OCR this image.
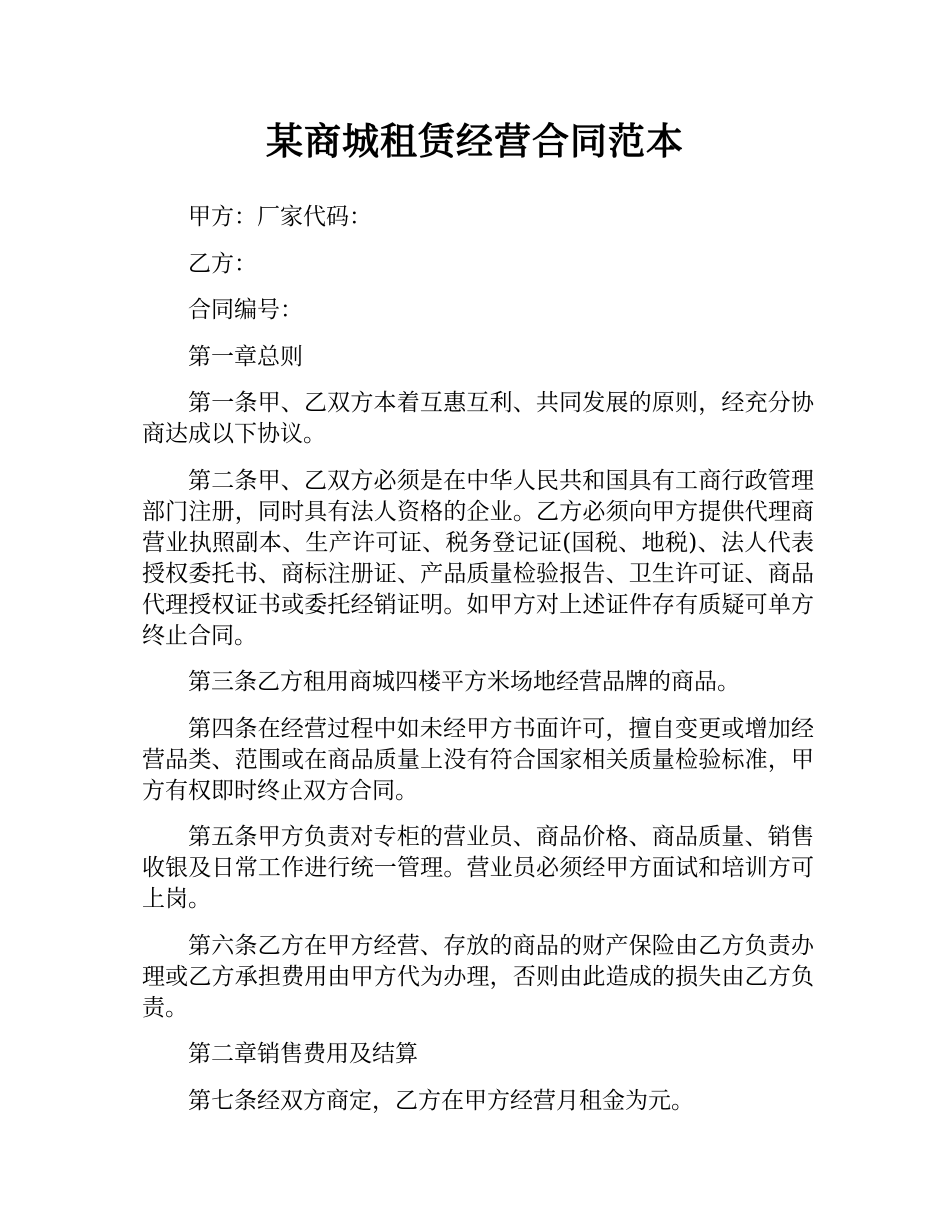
某商城租赁经营合同范本

甲方：厂家代码：

乙方：

合同编号：

第一章总则

第一条甲、乙双方本着互惠互利、共同发展的原则，经充分协商达成以下协议。

第二条甲、乙双方必须是在中华人民共和国具有工商行政管理部门注册，同时具有法人资格的企业。乙方必须向甲方提供代理商营业执照副本、生产许可证、税务登记证(国税、地税)、法人代表授权委托书、商标注册证、产品质量检验报告、卫生许可证、商品代理授权证书或委托经销证明。如甲方对上述证件存有质疑可单方终止合同。

第三条乙方租用商城四楼平方米场地经营品牌的商品。

第四条在经营过程中如未经甲方书面许可，擅自变更或增加经营品类、范围或在商品质量上没有符合国家相关质量检验标准，甲方有权即时终止双方合同。

第五条甲方负责对专柜的营业员、商品价格、商品质量、销售收银及日常工作进行统一管理。营业员必须经甲方面试和培训方可上岗。

第六条乙方在甲方经营、存放的商品的财产保险由乙方负责办理或乙方承担费用由甲方代为办理，否则由此造成的损失由乙方负责。

第二章销售费用及结算

第七条经双方商定，乙方在甲方经营月租金为元。
